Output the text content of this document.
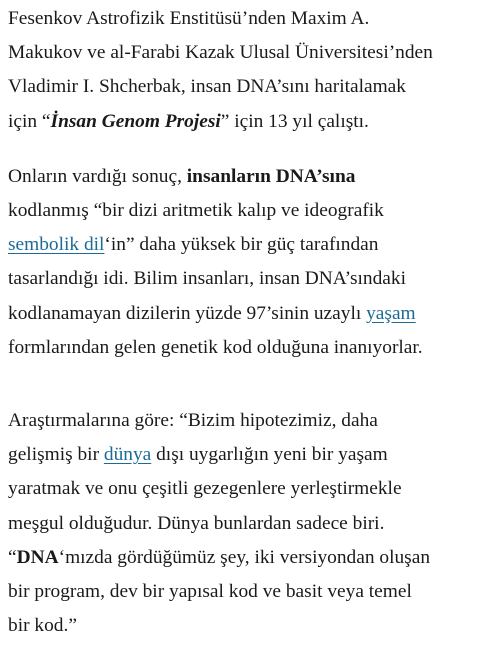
Fesenkov Astrofizik Enstitüsü’nden Maxim A.
Makukov ve al-Farabi Kazak Ulusal Üniversitesi’nden
Vladimir I. Shcherbak, insan DNA’sını haritalamak
için “İnsan Genom Projesi” için 13 yıl çalıştı.

Onların vardığı sonuç, insanların DNA’sına
kodlanmış “bir dizi aritmetik kalıp ve ideografik
sembolik dil‘in” daha yüksek bir güç tarafından
tasarlandığı idi. Bilim insanları, insan DNA’sındaki
kodlanamayan dizilerin yüzde 97’sinin uzaylı yaşam
formlarından gelen genetik kod olduğuna inanıyorlar.

Araştırmalarına göre: “Bizim hipotezimiz, daha
gelişmiş bir dünya dışı uygarlığın yeni bir yaşam
yaratmak ve onu çeşitli gezegenlere yerleştirmekle
meşgul olduğudur. Dünya bunlardan sadece biri.
“DNA‘mızda gördüğümüz şey, iki versiyondan oluşan
bir program, dev bir yapısal kod ve basit veya temel
bir kod.”
